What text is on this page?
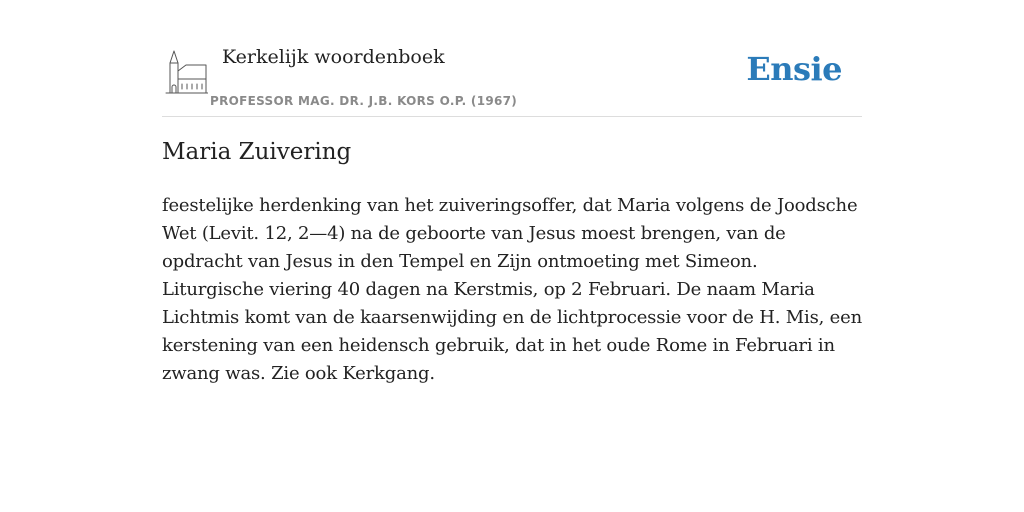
Kerkelijk woordenboek
PROFESSOR MAG. DR. J.B. KORS O.P. (1967)
Ensie
Maria Zuivering

feestelijke herdenking van het zuiveringsoffer, dat Maria volgens de Joodsche Wet (Levit. 12, 2—4) na de geboorte van Jesus moest brengen, van de opdracht van Jesus in den Tempel en Zijn ontmoeting met Simeon. Liturgische viering 40 dagen na Kerstmis, op 2 Februari. De naam Maria Lichtmis komt van de kaarsenwijding en de lichtprocessie voor de H. Mis, een kerstening van een heidensch gebruik, dat in het oude Rome in Februari in zwang was. Zie ook Kerkgang.
